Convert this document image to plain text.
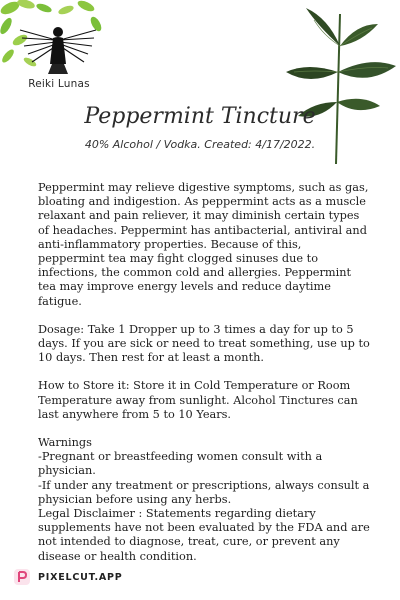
Reiki Lunas
Peppermint Tincture
40% Alcohol / Vodka. Created: 4/17/2022.

Peppermint may relieve digestive symptoms, such as gas, bloating and indigestion. As peppermint acts as a muscle relaxant and pain reliever, it may diminish certain types of headaches. Peppermint has antibacterial, antiviral and anti-inflammatory properties. Because of this, peppermint tea may fight clogged sinuses due to infections, the common cold and allergies. Peppermint tea may improve energy levels and reduce daytime fatigue.

Dosage: Take 1 Dropper up to 3 times a day for up to 5 days. If you are sick or need to treat something, use up to 10 days. Then rest for at least a month.

How to Store it: Store it in Cold Temperature or Room Temperature away from sunlight. Alcohol Tinctures can last anywhere from 5 to 10 Years.

Warnings
-Pregnant or breastfeeding women consult with a physician.
-If under any treatment or prescriptions, always consult a physician before using any herbs.
Legal Disclaimer : Statements regarding dietary supplements have not been evaluated by the FDA and are not intended to diagnose, treat, cure, or prevent any disease or health condition.
PIXELCUT.APP
